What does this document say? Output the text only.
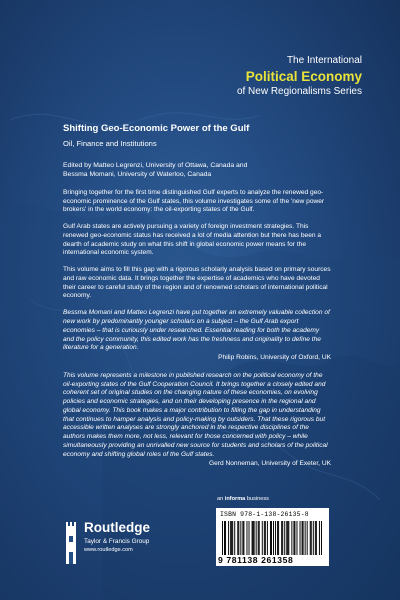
The International
Political Economy
of New Regionalisms Series

Shifting Geo-Economic Power of the Gulf

Oil, Finance and Institutions

Edited by Matteo Legrenzi, University of Ottawa, Canada and
Bessma Momani, University of Waterloo, Canada

Bringing together for the first time distinguished Gulf experts to analyze the renewed geo-economic prominence of the Gulf states, this volume investigates some of the 'new power brokers' in the world economy: the oil-exporting states of the Gulf.

Gulf Arab states are actively pursuing a variety of foreign investment strategies. This renewed geo-economic status has received a lot of media attention but there has been a dearth of academic study on what this shift in global economic power means for the international economic system.

This volume aims to fill this gap with a rigorous scholarly analysis based on primary sources and raw economic data. It brings together the expertise of academics who have devoted their career to careful study of the region and of renowned scholars of international political economy.

Bessma Momani and Matteo Legrenzi have put together an extremely valuable collection of new work by predominantly younger scholars on a subject – the Gulf Arab export economies – that is curiously under researched. Essential reading for both the academy and the policy community, this edited work has the freshness and originality to define the literature for a generation.

Philip Robins, University of Oxford, UK

This volume represents a milestone in published research on the political economy of the oil-exporting states of the Gulf Cooperation Council. It brings together a closely edited and coherent set of original studies on the changing nature of these economies, on evolving policies and economic strategies, and on their developing presence in the regional and global economy. This book makes a major contribution to filling the gap in understanding that continues to hamper analysis and policy-making by outsiders. That these rigorous but accessible written analyses are strongly anchored in the respective disciplines of the authors makes them more, not less, relevant for those concerned with policy – while simultaneously providing an unrivalled new source for students and scholars of the political economy and shifting global roles of the Gulf states.

Gerd Nonneman, University of Exeter, UK

Routledge
Taylor & Francis Group
www.routledge.com
an informa business
ISBN 978-1-138-26135-8
9 781138 261358
